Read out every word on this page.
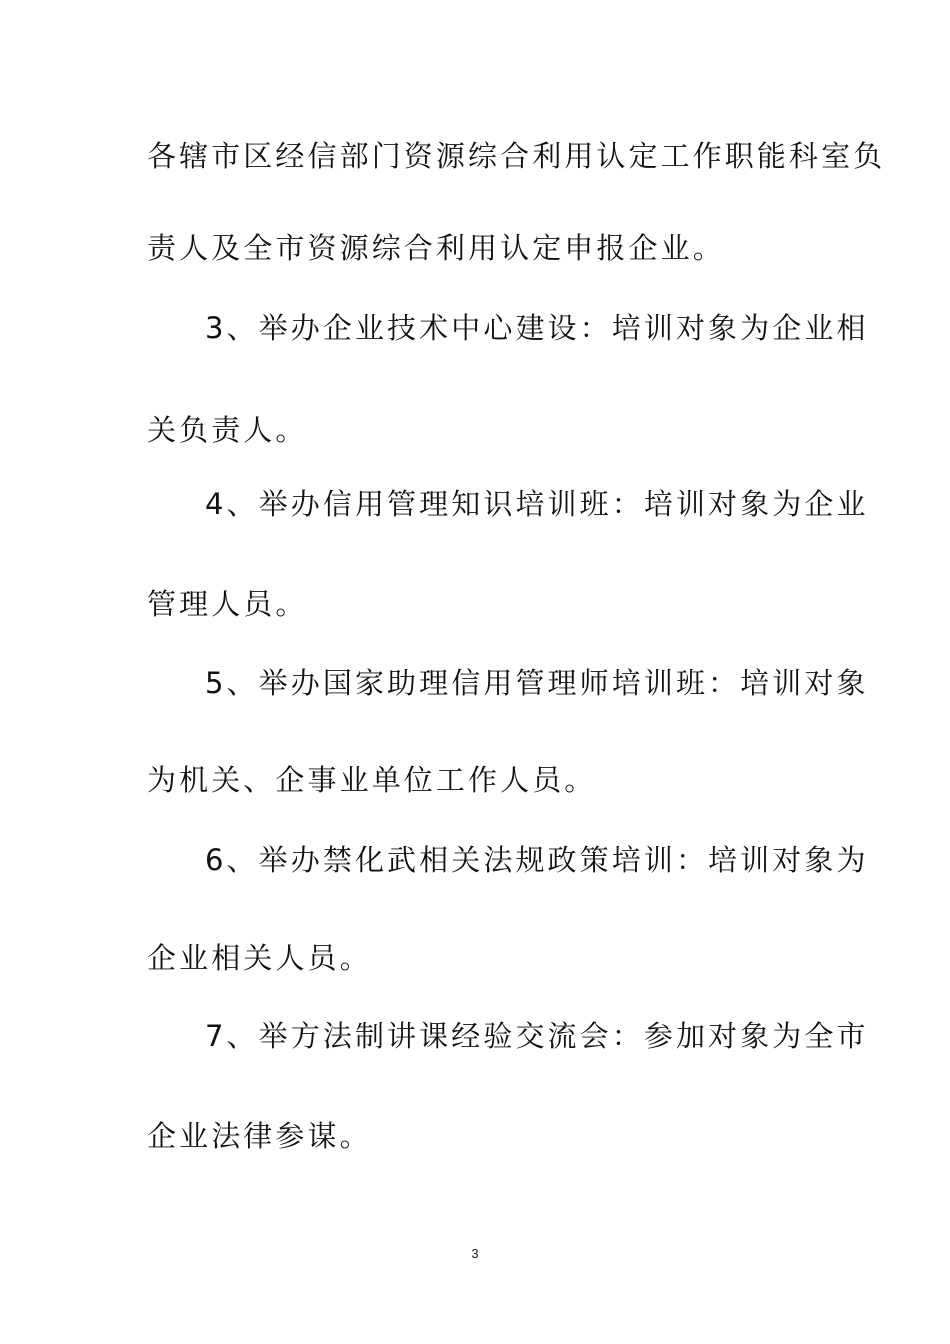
各辖市区经信部门资源综合利用认定工作职能科室负
责人及全市资源综合利用认定申报企业。
3、举办企业技术中心建设：培训对象为企业相
关负责人。
4、举办信用管理知识培训班：培训对象为企业
管理人员。
5、举办国家助理信用管理师培训班：培训对象
为机关、企事业单位工作人员。
6、举办禁化武相关法规政策培训：培训对象为
企业相关人员。
7、举方法制讲课经验交流会：参加对象为全市
企业法律参谋。
3
